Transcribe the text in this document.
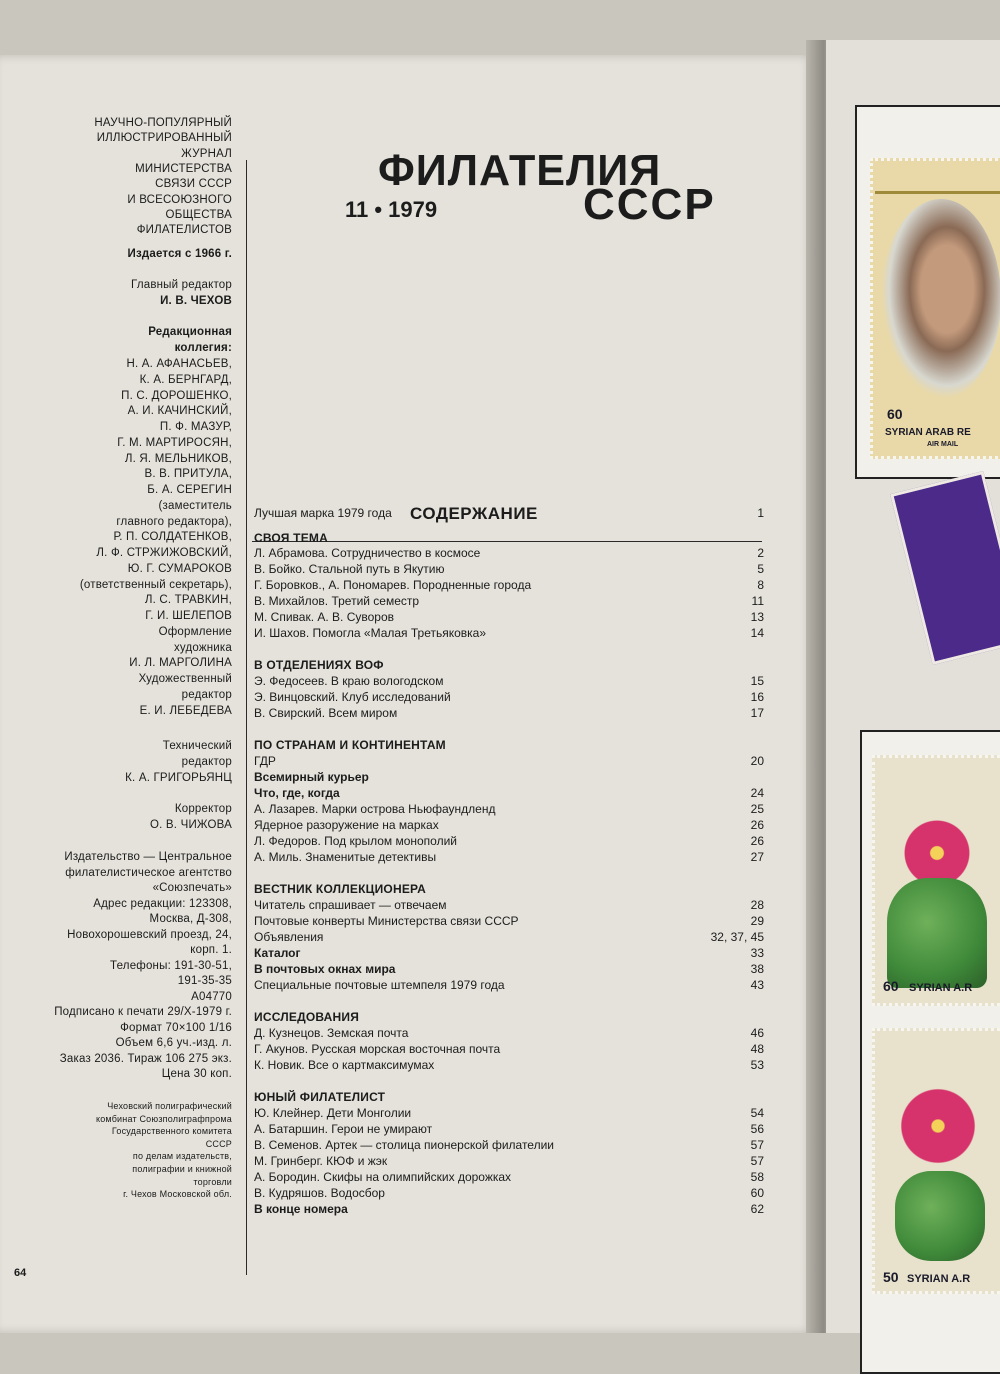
НАУЧНО-ПОПУЛЯРНЫЙ
ИЛЛЮСТРИРОВАННЫЙ
ЖУРНАЛ
МИНИСТЕРСТВА
СВЯЗИ СССР
И ВСЕСОЮЗНОГО
ОБЩЕСТВА
ФИЛАТЕЛИСТОВ
Издается с 1966 г.
Главный редактор
И. В. ЧЕХОВ
Редакционная
коллегия:
Н. А. АФАНАСЬЕВ,
К. А. БЕРНГАРД,
П. С. ДОРОШЕНКО,
А. И. КАЧИНСКИЙ,
П. Ф. МАЗУР,
Г. М. МАРТИРОСЯН,
Л. Я. МЕЛЬНИКОВ,
В. В. ПРИТУЛА,
Б. А. СЕРЕГИН
(заместитель
главного редактора),
Р. П. СОЛДАТЕНКОВ,
Л. Ф. СТРЖИЖОВСКИЙ,
Ю. Г. СУМАРОКОВ
(ответственный секретарь),
Л. С. ТРАВКИН,
Г. И. ШЕЛЕПОВ
Оформление
художника
И. Л. МАРГОЛИНА
Художественный
редактор
Е. И. ЛЕБЕДЕВА
Технический
редактор
К. А. ГРИГОРЬЯНЦ
Корректор
О. В. ЧИЖОВА
Издательство — Центральное
филателистическое агентство
«Союзпечать»
Адрес редакции: 123308,
Москва, Д-308,
Новохорошевский проезд, 24,
корп. 1.
Телефоны: 191-30-51,
191-35-35
А04770
Подписано к печати 29/X-1979 г.
Формат 70×100 1/16
Объем 6,6 уч.-изд. л.
Заказ 2036. Тираж 106 275 экз.
Цена 30 коп.
Чеховский полиграфический
комбинат Союзполиграфпрома
Государственного комитета
СССР
по делам издательств,
полиграфии и книжной
торговли
г. Чехов Московской обл.
ФИЛАТЕЛИЯ
СССР
11 • 1979
СОДЕРЖАНИЕ
Лучшая марка 1979 года	1
СВОЯ ТЕМА
Л. Абрамова. Сотрудничество в космосе	2
В. Бойко. Стальной путь в Якутию	5
Г. Боровков., А. Пономарев. Породненные города	8
В. Михайлов. Третий семестр	11
М. Спивак. А. В. Суворов	13
И. Шахов. Помогла «Малая Третьяковка»	14
В ОТДЕЛЕНИЯХ ВОФ
Э. Федосеев. В краю вологодском	15
Э. Винцовский. Клуб исследований	16
В. Свирский. Всем миром	17
ПО СТРАНАМ И КОНТИНЕНТАМ
ГДР	20
Всемирный курьер
Что, где, когда	24
А. Лазарев. Марки острова Ньюфаундленд	25
Ядерное разоружение на марках	26
Л. Федоров. Под крылом монополий	26
А. Миль. Знаменитые детективы	27
ВЕСТНИК КОЛЛЕКЦИОНЕРА
Читатель спрашивает — отвечаем	28
Почтовые конверты Министерства связи СССР	29
Объявления	32, 37, 45
Каталог	33
В почтовых окнах мира	38
Специальные почтовые штемпеля 1979 года	43
ИССЛЕДОВАНИЯ
Д. Кузнецов. Земская почта	46
Г. Акунов. Русская морская восточная почта	48
К. Новик. Все о картмаксимумах	53
ЮНЫЙ ФИЛАТЕЛИСТ
Ю. Клейнер. Дети Монголии	54
А. Батаршин. Герои не умирают	56
В. Семенов. Артек — столица пионерской филателии	57
М. Гринберг. КЮФ и жэк	57
А. Бородин. Скифы на олимпийских дорожках	58
В. Кудряшов. Водосбор	60
В конце номера	62
64
60
SYRIAN ARAB RE
AIR MAIL
60 SYRIAN A.R
50 SYRIAN A.R
